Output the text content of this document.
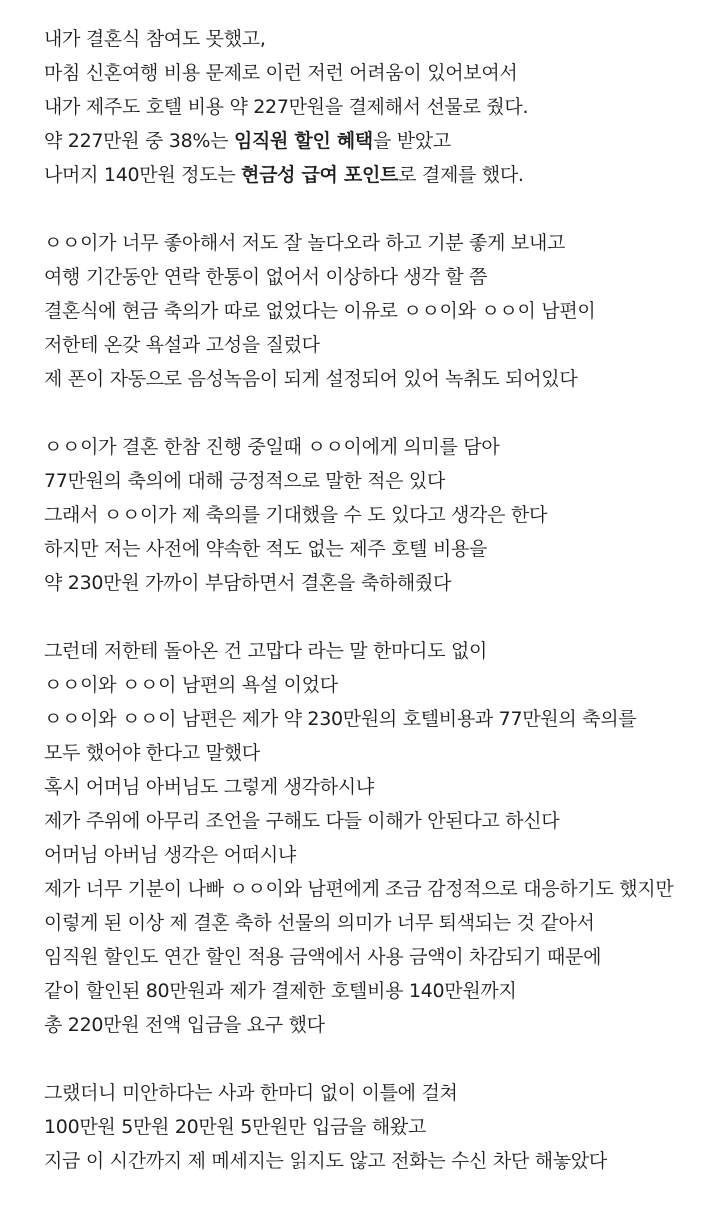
내가 결혼식 참여도 못했고,
마침 신혼여행 비용 문제로 이런 저런 어려움이 있어보여서
내가 제주도 호텔 비용 약 227만원을 결제해서 선물로 줬다.
약 227만원 중 38%는 임직원 할인 혜택을 받았고
나머지 140만원 정도는 현금성 급여 포인트로 결제를 했다.
ㅇㅇ이가 너무 좋아해서 저도 잘 놀다오라 하고 기분 좋게 보내고
여행 기간동안 연락 한통이 없어서 이상하다 생각 할 쯤
결혼식에 현금 축의가 따로 없었다는 이유로 ㅇㅇ이와 ㅇㅇ이 남편이
저한테 온갖 욕설과 고성을 질렀다
제 폰이 자동으로 음성녹음이 되게 설정되어 있어 녹취도 되어있다
ㅇㅇ이가 결혼 한참 진행 중일때 ㅇㅇ이에게 의미를 담아
77만원의 축의에 대해 긍정적으로 말한 적은 있다
그래서 ㅇㅇ이가 제 축의를 기대했을 수 도 있다고 생각은 한다
하지만 저는 사전에 약속한 적도 없는 제주 호텔 비용을
약 230만원 가까이 부담하면서 결혼을 축하해줬다
그런데 저한테 돌아온 건 고맙다 라는 말 한마디도 없이
ㅇㅇ이와 ㅇㅇ이 남편의 욕설 이었다
ㅇㅇ이와 ㅇㅇ이 남편은 제가 약 230만원의 호텔비용과 77만원의 축의를
모두 했어야 한다고 말했다
혹시 어머님 아버님도 그렇게 생각하시냐
제가 주위에 아무리 조언을 구해도 다들 이해가 안된다고 하신다
어머님 아버님 생각은 어떠시냐
제가 너무 기분이 나빠 ㅇㅇ이와 남편에게 조금 감정적으로 대응하기도 했지만
이렇게 된 이상 제 결혼 축하 선물의 의미가 너무 퇴색되는 것 같아서
임직원 할인도 연간 할인 적용 금액에서 사용 금액이 차감되기 때문에
같이 할인된 80만원과 제가 결제한 호텔비용 140만원까지
총 220만원 전액 입금을 요구 했다
그랬더니 미안하다는 사과 한마디 없이 이틀에 걸쳐
100만원 5만원 20만원 5만원만 입금을 해왔고
지금 이 시간까지 제 메세지는 읽지도 않고 전화는 수신 차단 해놓았다
